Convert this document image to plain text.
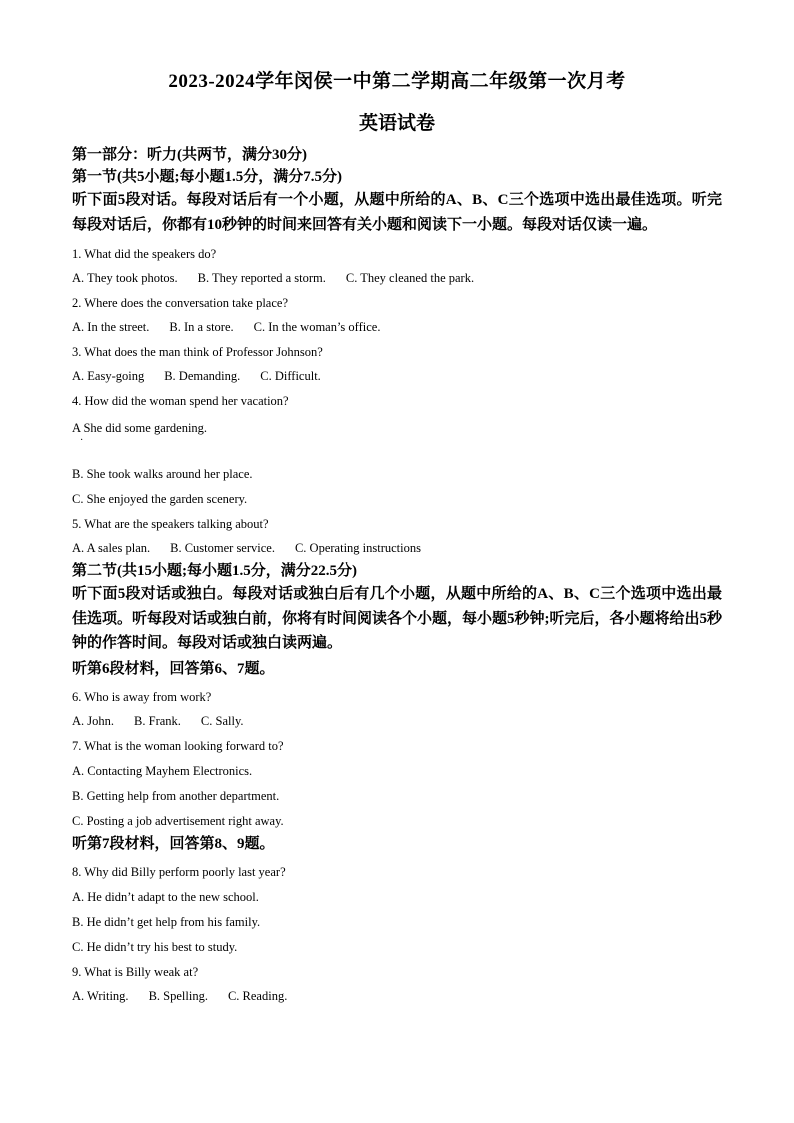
2023-2024学年闵侯一中第二学期高二年级第一次月考

英语试卷

第一部分：听力(共两节，满分30分)

第一节(共5小题;每小题1.5分，满分7.5分)

听下面5段对话。每段对话后有一个小题，从题中所给的A、B、C三个选项中选出最佳选项。听完每段对话后，你都有10秒钟的时间来回答有关小题和阅读下一小题。每段对话仅读一遍。

1. What did the speakers do?

A. They took photos. B. They reported a storm. C. They cleaned the park.

2. Where does the conversation take place?

A. In the street. B. In a store. C. In the woman’s office.

3. What does the man think of Professor Johnson?

A. Easy-going B. Demanding. C. Difficult.

4. How did the woman spend her vacation?

A She did some gardening.

·

B. She took walks around her place.

C. She enjoyed the garden scenery.

5. What are the speakers talking about?

A. A sales plan. B. Customer service. C. Operating instructions

第二节(共15小题;每小题1.5分，满分22.5分)

听下面5段对话或独白。每段对话或独白后有几个小题，从题中所给的A、B、C三个选项中选出最佳选项。听每段对话或独白前，你将有时间阅读各个小题，每小题5秒钟;听完后，各小题将给出5秒钟的作答时间。每段对话或独白读两遍。

听第6段材料，回答第6、7题。

6. Who is away from work?

A. John. B. Frank. C. Sally.

7. What is the woman looking forward to?

A. Contacting Mayhem Electronics.

B. Getting help from another department.

C. Posting a job advertisement right away.

听第7段材料，回答第8、9题。

8. Why did Billy perform poorly last year?

A. He didn’t adapt to the new school.

B. He didn’t get help from his family.

C. He didn’t try his best to study.

9. What is Billy weak at?

A. Writing. B. Spelling. C. Reading.
